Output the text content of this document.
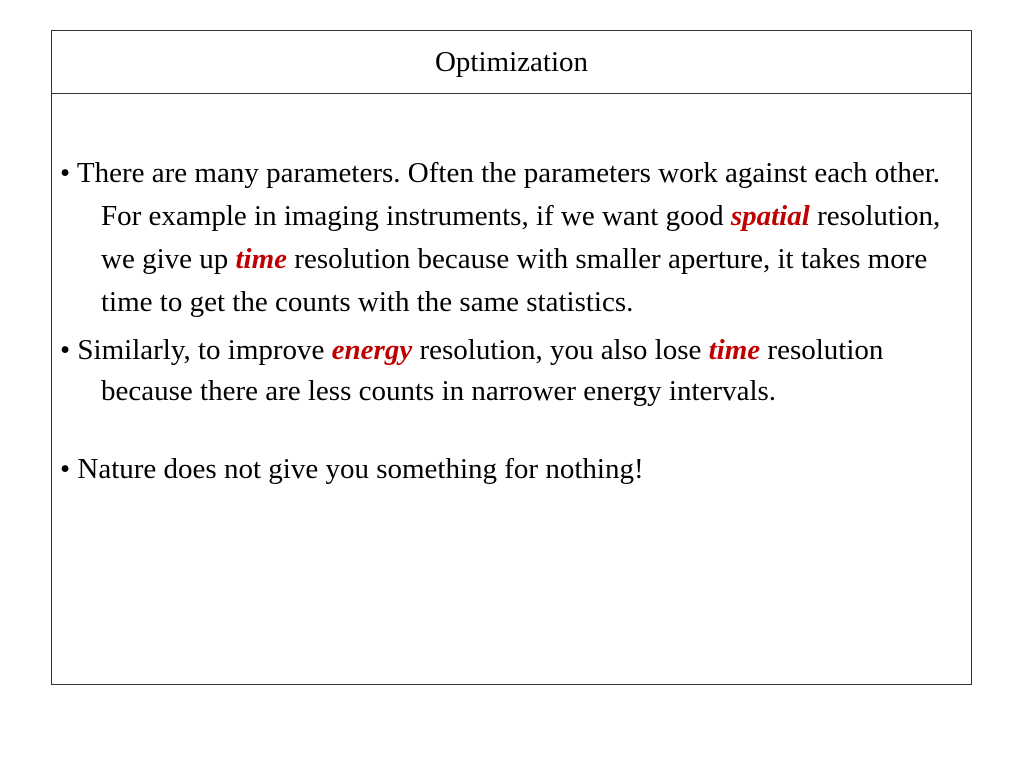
Optimization

• There are many parameters. Often the parameters work against each other. For example in imaging instruments, if we want good spatial resolution, we give up time resolution because with smaller aperture, it takes more time to get the counts with the same statistics.

• Similarly, to improve energy resolution, you also lose time resolution because there are less counts in narrower energy intervals.

• Nature does not give you something for nothing!
